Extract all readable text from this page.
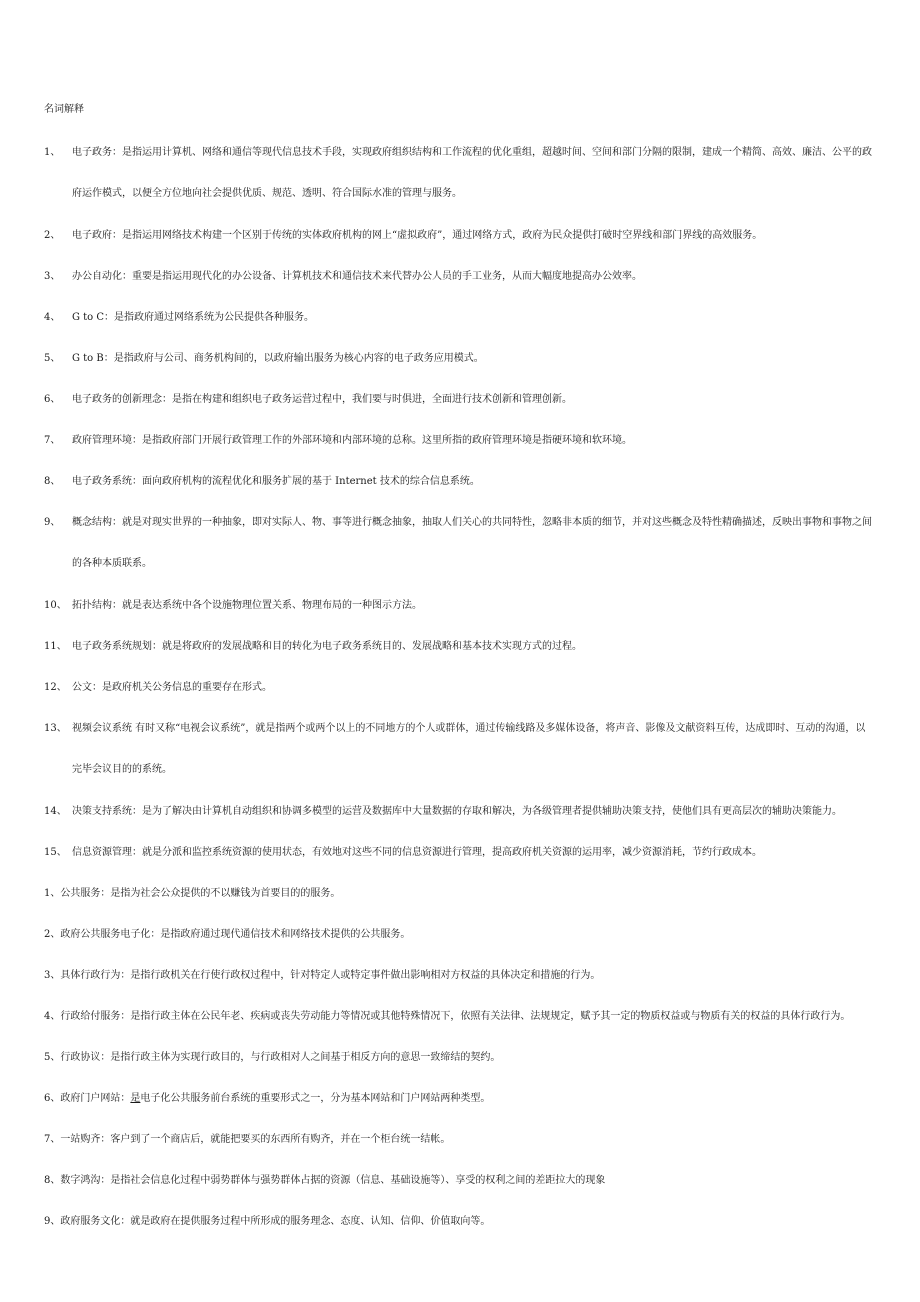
名词解释
1、 电子政务：是指运用计算机、网络和通信等现代信息技术手段，实现政府组织结构和工作流程的优化重组，超越时间、空间和部门分隔的限制，建成一个精简、高效、廉洁、公平的政
府运作模式，以便全方位地向社会提供优质、规范、透明、符合国际水准的管理与服务。
2、 电子政府：是指运用网络技术构建一个区别于传统的实体政府机构的网上“虚拟政府”，通过网络方式，政府为民众提供打破时空界线和部门界线的高效服务。
3、 办公自动化：重要是指运用现代化的办公设备、计算机技术和通信技术来代替办公人员的手工业务，从而大幅度地提高办公效率。
4、 G to C：是指政府通过网络系统为公民提供各种服务。
5、 G to B：是指政府与公司、商务机构间的，以政府输出服务为核心内容的电子政务应用模式。
6、 电子政务的创新理念：是指在构建和组织电子政务运营过程中，我们要与时俱进，全面进行技术创新和管理创新。
7、 政府管理环境：是指政府部门开展行政管理工作的外部环境和内部环境的总称。这里所指的政府管理环境是指硬环境和软环境。
8、 电子政务系统：面向政府机构的流程优化和服务扩展的基于 Internet 技术的综合信息系统。
9、 概念结构：就是对现实世界的一种抽象，即对实际人、物、事等进行概念抽象，抽取人们关心的共同特性，忽略非本质的细节，并对这些概念及特性精确描述，反映出事物和事物之间
的各种本质联系。
10、 拓扑结构：就是表达系统中各个设施物理位置关系、物理布局的一种图示方法。
11、 电子政务系统规划：就是将政府的发展战略和目的转化为电子政务系统目的、发展战略和基本技术实现方式的过程。
12、 公文：是政府机关公务信息的重要存在形式。
13、 视频会议系统 有时又称“电视会议系统”，就是指两个或两个以上的不同地方的个人或群体，通过传输线路及多媒体设备，将声音、影像及文献资料互传，达成即时、互动的沟通，以
完毕会议目的的系统。
14、 决策支持系统：是为了解决由计算机自动组织和协调多模型的运营及数据库中大量数据的存取和解决，为各级管理者提供辅助决策支持，使他们具有更高层次的辅助决策能力。
15、 信息资源管理：就是分派和监控系统资源的使用状态，有效地对这些不同的信息资源进行管理，提高政府机关资源的运用率，减少资源消耗，节约行政成本。
1、公共服务：是指为社会公众提供的不以赚钱为首要目的的服务。
2、政府公共服务电子化：是指政府通过现代通信技术和网络技术提供的公共服务。
3、具体行政行为：是指行政机关在行使行政权过程中，针对特定人或特定事件做出影响相对方权益的具体决定和措施的行为。
4、行政给付服务：是指行政主体在公民年老、疾病或丧失劳动能力等情况或其他特殊情况下，依照有关法律、法规规定，赋予其一定的物质权益或与物质有关的权益的具体行政行为。
5、行政协议：是指行政主体为实现行政目的，与行政相对人之间基于相反方向的意思一致缔结的契约。
6、政府门户网站：是电子化公共服务前台系统的重要形式之一，分为基本网站和门户网站两种类型。
7、一站购齐：客户到了一个商店后，就能把要买的东西所有购齐，并在一个柜台统一结帐。
8、数字鸿沟：是指社会信息化过程中弱势群体与强势群体占据的资源（信息、基础设施等）、享受的权利之间的差距拉大的现象
9、政府服务文化：就是政府在提供服务过程中所形成的服务理念、态度、认知、信仰、价值取向等。
